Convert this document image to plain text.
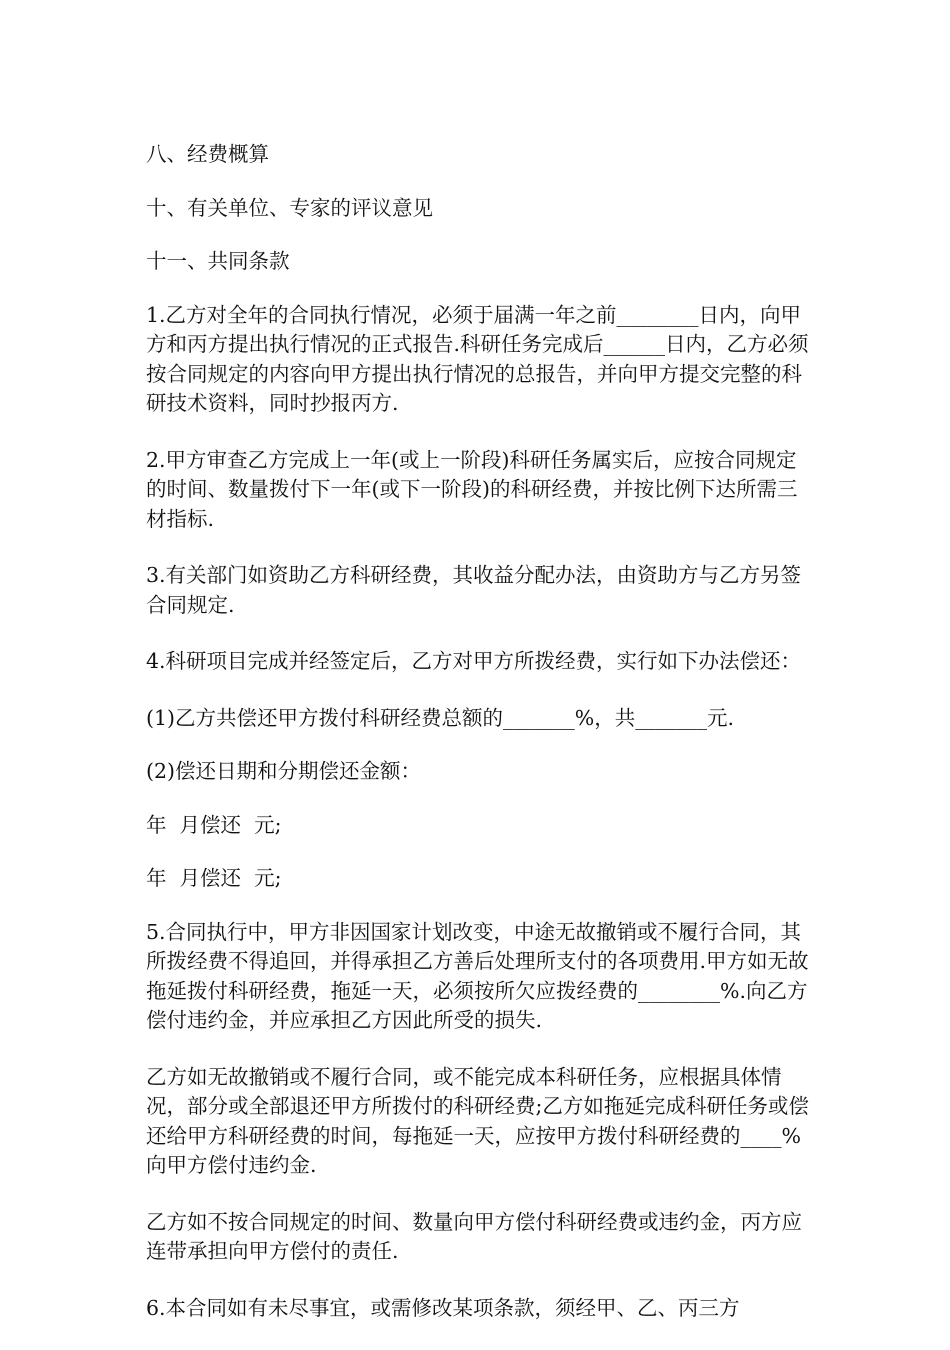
八、经费概算

十、有关单位、专家的评议意见

十一、共同条款

1.乙方对全年的合同执行情况，必须于届满一年之前________日内，向甲方和丙方提出执行情况的正式报告.科研任务完成后______日内，乙方必须按合同规定的内容向甲方提出执行情况的总报告，并向甲方提交完整的科研技术资料，同时抄报丙方.

2.甲方审查乙方完成上一年(或上一阶段)科研任务属实后，应按合同规定的时间、数量拨付下一年(或下一阶段)的科研经费，并按比例下达所需三材指标.

3.有关部门如资助乙方科研经费，其收益分配办法，由资助方与乙方另签合同规定.

4.科研项目完成并经签定后，乙方对甲方所拨经费，实行如下办法偿还：

(1)乙方共偿还甲方拨付科研经费总额的_______%，共_______元.

(2)偿还日期和分期偿还金额：

年  月偿还  元;

年  月偿还  元;

5.合同执行中，甲方非因国家计划改变，中途无故撤销或不履行合同，其所拨经费不得追回，并得承担乙方善后处理所支付的各项费用.甲方如无故拖延拨付科研经费，拖延一天，必须按所欠应拨经费的________%.向乙方偿付违约金，并应承担乙方因此所受的损失.

乙方如无故撤销或不履行合同，或不能完成本科研任务，应根据具体情况，部分或全部退还甲方所拨付的科研经费;乙方如拖延完成科研任务或偿还给甲方科研经费的时间，每拖延一天，应按甲方拨付科研经费的____%向甲方偿付违约金.

乙方如不按合同规定的时间、数量向甲方偿付科研经费或违约金，丙方应连带承担向甲方偿付的责任.

6.本合同如有未尽事宜，或需修改某项条款，须经甲、乙、丙三方
